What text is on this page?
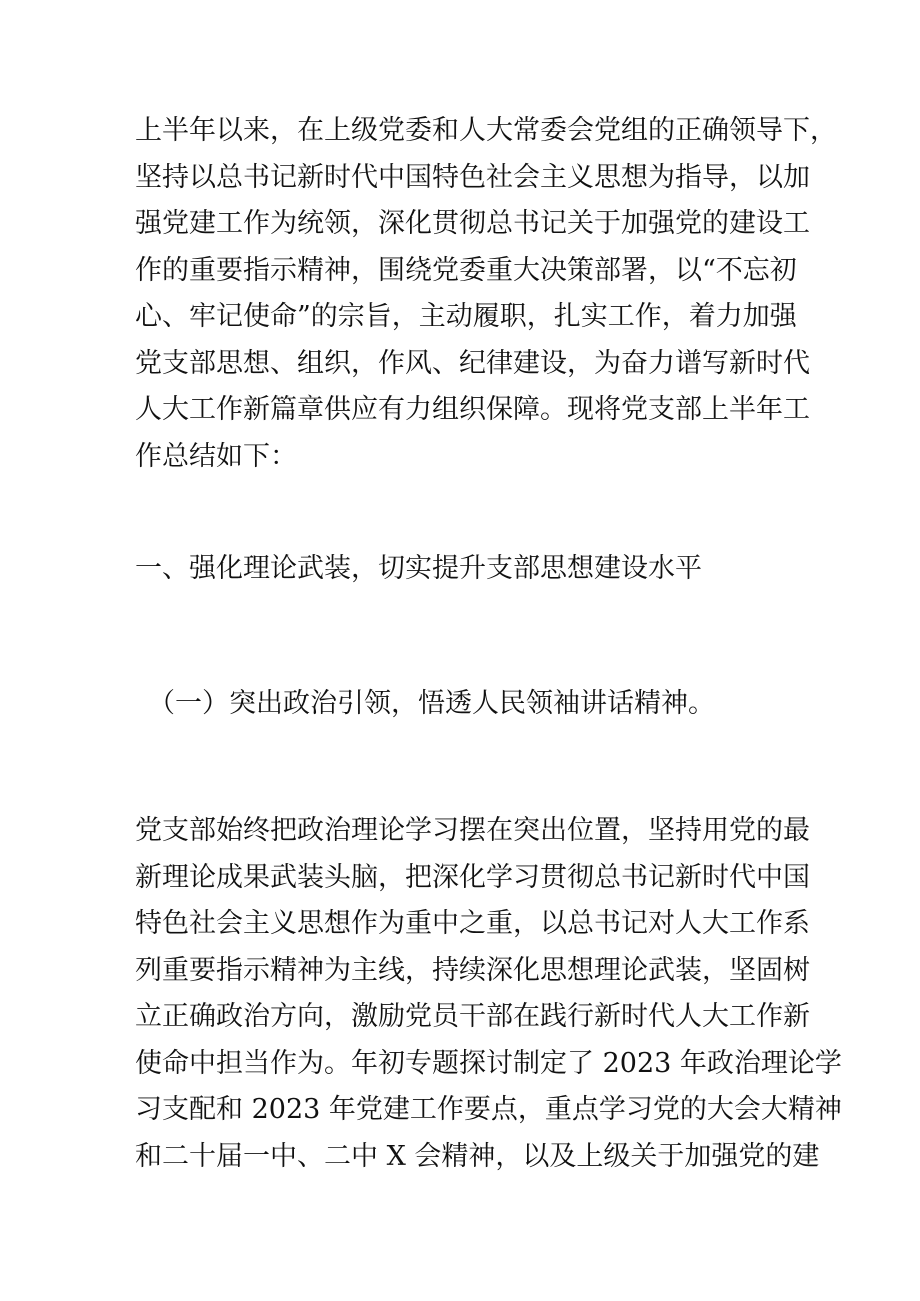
上半年以来，在上级党委和人大常委会党组的正确领导下，
坚持以总书记新时代中国特色社会主义思想为指导，以加
强党建工作为统领，深化贯彻总书记关于加强党的建设工
作的重要指示精神，围绕党委重大决策部署，以“不忘初
心、牢记使命”的宗旨，主动履职，扎实工作，着力加强
党支部思想、组织，作风、纪律建设，为奋力谱写新时代
人大工作新篇章供应有力组织保障。现将党支部上半年工
作总结如下：
一、强化理论武装，切实提升支部思想建设水平
（一）突出政治引领，悟透人民领袖讲话精神。
党支部始终把政治理论学习摆在突出位置，坚持用党的最
新理论成果武装头脑，把深化学习贯彻总书记新时代中国
特色社会主义思想作为重中之重，以总书记对人大工作系
列重要指示精神为主线，持续深化思想理论武装，坚固树
立正确政治方向，激励党员干部在践行新时代人大工作新
使命中担当作为。年初专题探讨制定了 2023 年政治理论学
习支配和 2023 年党建工作要点，重点学习党的大会大精神
和二十届一中、二中 X 会精神，以及上级关于加强党的建
